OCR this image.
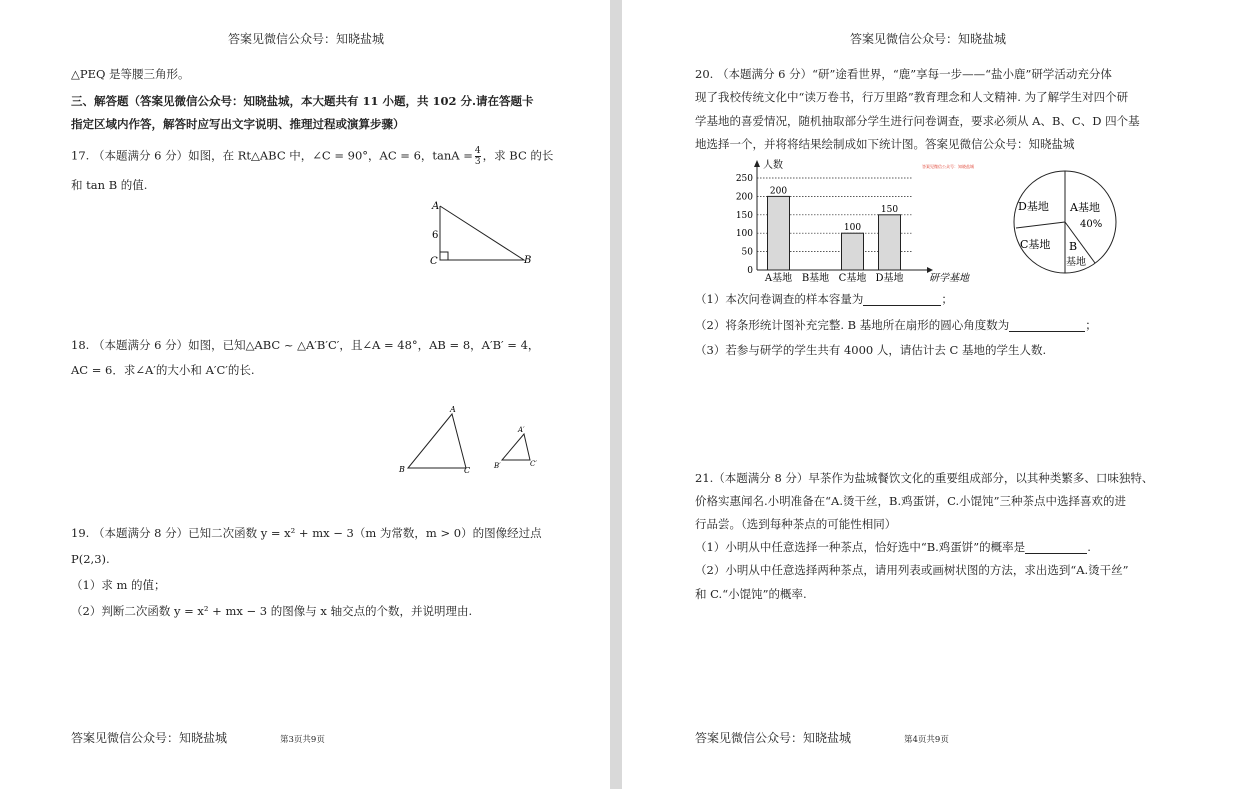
答案见微信公众号：知晓盐城
△PEQ 是等腰三角形。
三、解答题（答案见微信公众号：知晓盐城，本大题共有 11 小题，共 102 分.请在答题卡
指定区域内作答，解答时应写出文字说明、推理过程或演算步骤）
17. （本题满分 6 分）如图，在 Rt△ABC 中，∠C = 90°，AC = 6，$\tan A = \frac{4}{3}$ ，求 BC 的长
和 tan B 的值.
A
C	B
6
18. （本题满分 6 分）如图，已知△ABC ~ △A′B′C′，且∠A = 48°，AB = 8，A′B′ = 4，
AC = 6．求∠A′的大小和 A′C′的长.
A
B	C
A′
B′	C′
19. （本题满分 8 分）已知二次函数 y = x² + mx − 3（m 为常数，m > 0）的图像经过点
P(2,3).
（1）求 m 的值；
（2）判断二次函数 y = x² + mx − 3 的图像与 x 轴交点的个数，并说明理由.
答案见微信公众号：知晓盐城	第3页共9页
答案见微信公众号：知晓盐城
20. （本题满分 6 分）“研”途看世界，“鹿”享每一步——“盐小鹿”研学活动充分体
现了我校传统文化中“读万卷书，行万里路”教育理念和人文精神. 为了解学生对四个研
学基地的喜爱情况，随机抽取部分学生进行问卷调查，要求必须从 A、B、C、D 四个基
地选择一个，并将将结果绘制成如下统计图。答案见微信公众号：知晓盐城
200
100
150
人数
研学基地
0
50
100
150
200
250
A基地 B基地 C基地 D基地
答案见微信公众号：知晓盐城
A基地
40%
D基地
C基地 B
基地
（1）本次问卷调查的样本容量为	；
（2）将条形统计图补充完整. B 基地所在扇形的圆心角度数为	；
（3）若参与研学的学生共有 4000 人，请估计去 C 基地的学生人数.
21.（本题满分 8 分）早茶作为盐城餐饮文化的重要组成部分，以其种类繁多、口味独特、
价格实惠闻名.小明准备在“A.烫干丝，B.鸡蛋饼，C.小馄饨”三种茶点中选择喜欢的进
行品尝。（选到每种茶点的可能性相同）
（1）小明从中任意选择一种茶点，恰好选中“B.鸡蛋饼”的概率是	.
（2）小明从中任意选择两种茶点，请用列表或画树状图的方法，求出选到“A.烫干丝”
和 C.“小馄饨”的概率.
答案见微信公众号：知晓盐城	第4页共9页
